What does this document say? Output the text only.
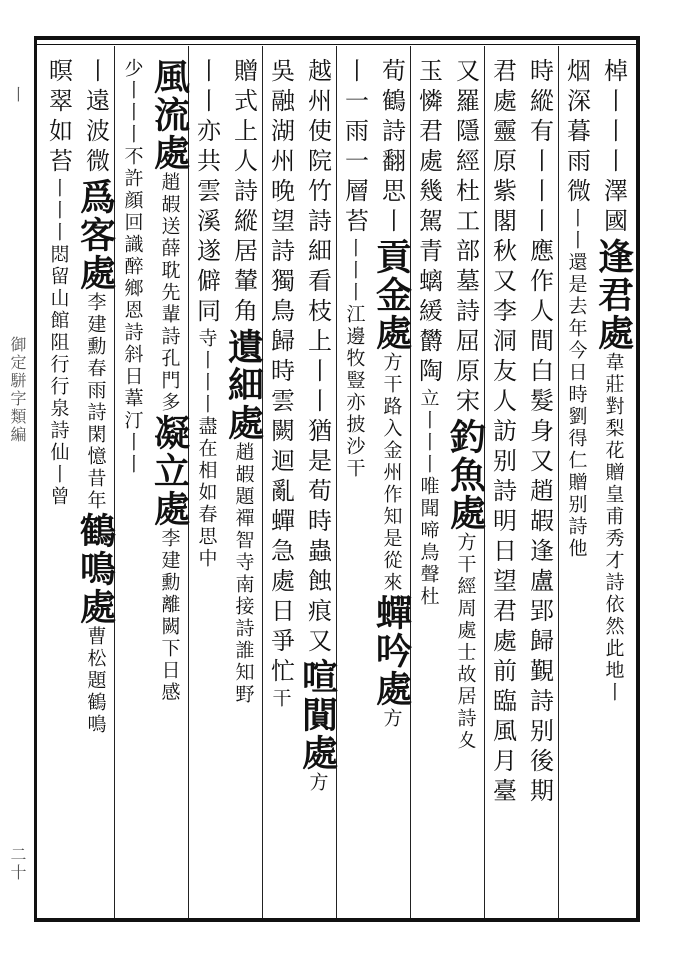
丨
御定駢字類編
二十
棹丨丨丨澤國逢君處韋莊對梨花贈皇甫秀才詩依然此地丨
烟深暮雨微丨丨還是去年今日時劉得仁贈别詩他
時縱有丨丨丨應作人間白髮身又趙嘏逢盧郢歸覲詩别後期
君處靈原紫閣秋又李洞友人訪别詩明日望君處前臨風月臺
又羅隱經杜工部墓詩屈原宋釣魚處方干經周處士故居詩夊
玉憐君處幾駕青螭緩欝陶立丨丨丨唯聞啼鳥聲杜
荀鶴詩翻思丨貢金處方干路入金州作知是從來蟬吟處方
丨一雨一層苔丨丨丨江邊牧豎亦披沙干
越州使院竹詩細看枝上丨丨猶是荀時蟲蝕痕又喧閴處方
吳融湖州晚望詩獨鳥歸時雲闕迴亂蟬急處日爭忙干
贈式上人詩縱居輦角遺細處趙嘏題禪智寺南接詩誰知野
丨丨亦共雲溪遂僻同寺丨丨丨盡在相如春思中
風流處趙嘏送薛耽先輩詩孔門多凝立處李建勳離闕下日感
少丨丨丨不許顔回識醉鄉恩詩斜日葦汀丨丨
丨遠波微爲客處李建勳春雨詩閑憶昔年鶴鳴處曹松題鶴鳴
暝翠如苔丨丨丨悶留山館阻行行泉詩仙丨曾
